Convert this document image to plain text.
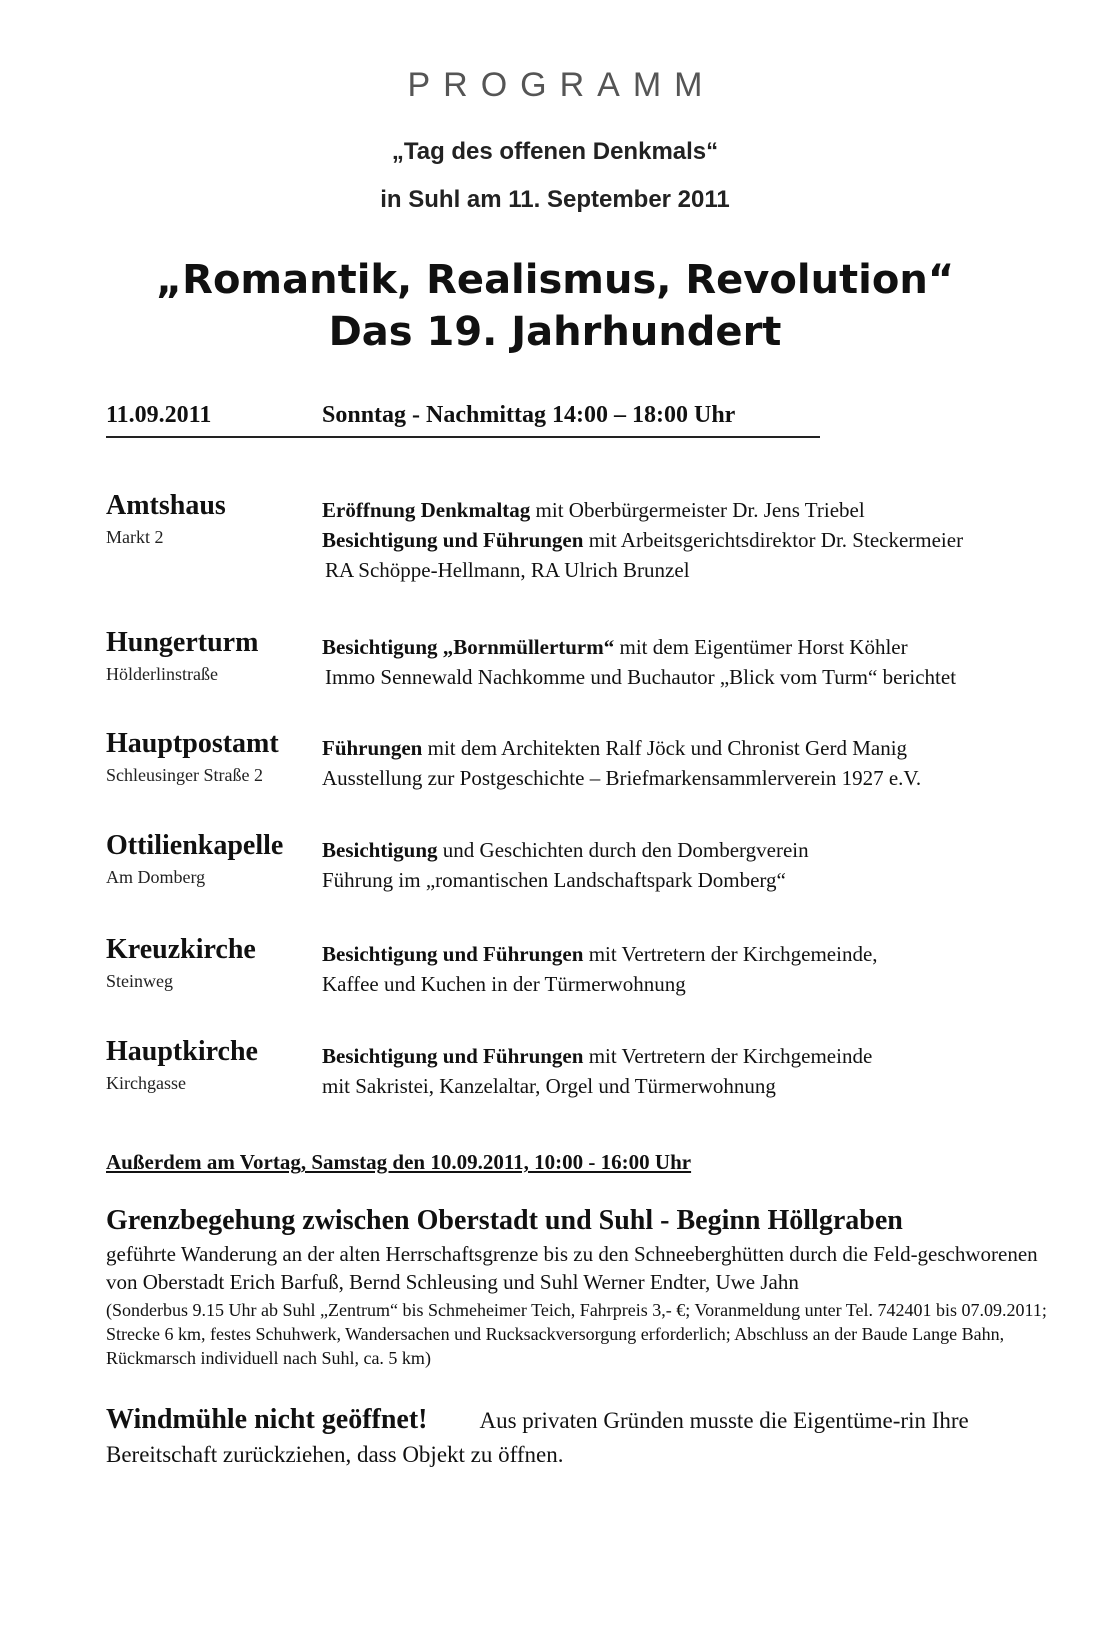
PROGRAMM
„Tag des offenen Denkmals“
in Suhl am 11. September 2011
„Romantik, Realismus, Revolution“
Das 19. Jahrhundert
11.09.2011	Sonntag - Nachmittag 14:00 – 18:00 Uhr
Amtshaus
Markt 2
Eröffnung Denkmaltag mit Oberbürgermeister Dr. Jens Triebel
Besichtigung und Führungen mit Arbeitsgerichtsdirektor Dr. Steckermeier
RA Schöppe-Hellmann, RA Ulrich Brunzel
Hungerturm
Hölderlinstraße
Besichtigung „Bornmüllerturm“ mit dem Eigentümer Horst Köhler
Immo Sennewald Nachkomme und Buchautor „Blick vom Turm“ berichtet
Hauptpostamt
Schleusinger Straße 2
Führungen mit dem Architekten Ralf Jöck und Chronist Gerd Manig
Ausstellung zur Postgeschichte – Briefmarkensammlerverein 1927 e.V.
Ottilienkapelle
Am Domberg
Besichtigung und Geschichten durch den Dombergverein
Führung im „romantischen Landschaftspark Domberg“
Kreuzkirche
Steinweg
Besichtigung und Führungen mit Vertretern der Kirchgemeinde,
Kaffee und Kuchen in der Türmerwohnung
Hauptkirche
Kirchgasse
Besichtigung und Führungen mit Vertretern der Kirchgemeinde
mit Sakristei, Kanzelaltar, Orgel und Türmerwohnung
Außerdem am Vortag, Samstag den 10.09.2011, 10:00 - 16:00 Uhr
Grenzbegehung zwischen Oberstadt und Suhl - Beginn Höllgraben
geführte Wanderung an der alten Herrschaftsgrenze bis zu den Schneeberghütten durch die Feld-geschworenen von Oberstadt Erich Barfuß, Bernd Schleusing und Suhl Werner Endter, Uwe Jahn
(Sonderbus 9.15 Uhr ab Suhl „Zentrum“ bis Schmeheimer Teich, Fahrpreis 3,- €; Voranmeldung unter Tel. 742401 bis 07.09.2011; Strecke 6 km, festes Schuhwerk, Wandersachen und Rucksackversorgung erforderlich; Abschluss an der Baude Lange Bahn, Rückmarsch individuell nach Suhl, ca. 5 km)
Windmühle nicht geöffnet! Aus privaten Gründen musste die Eigentüme-rin Ihre Bereitschaft zurückziehen, dass Objekt zu öffnen.
